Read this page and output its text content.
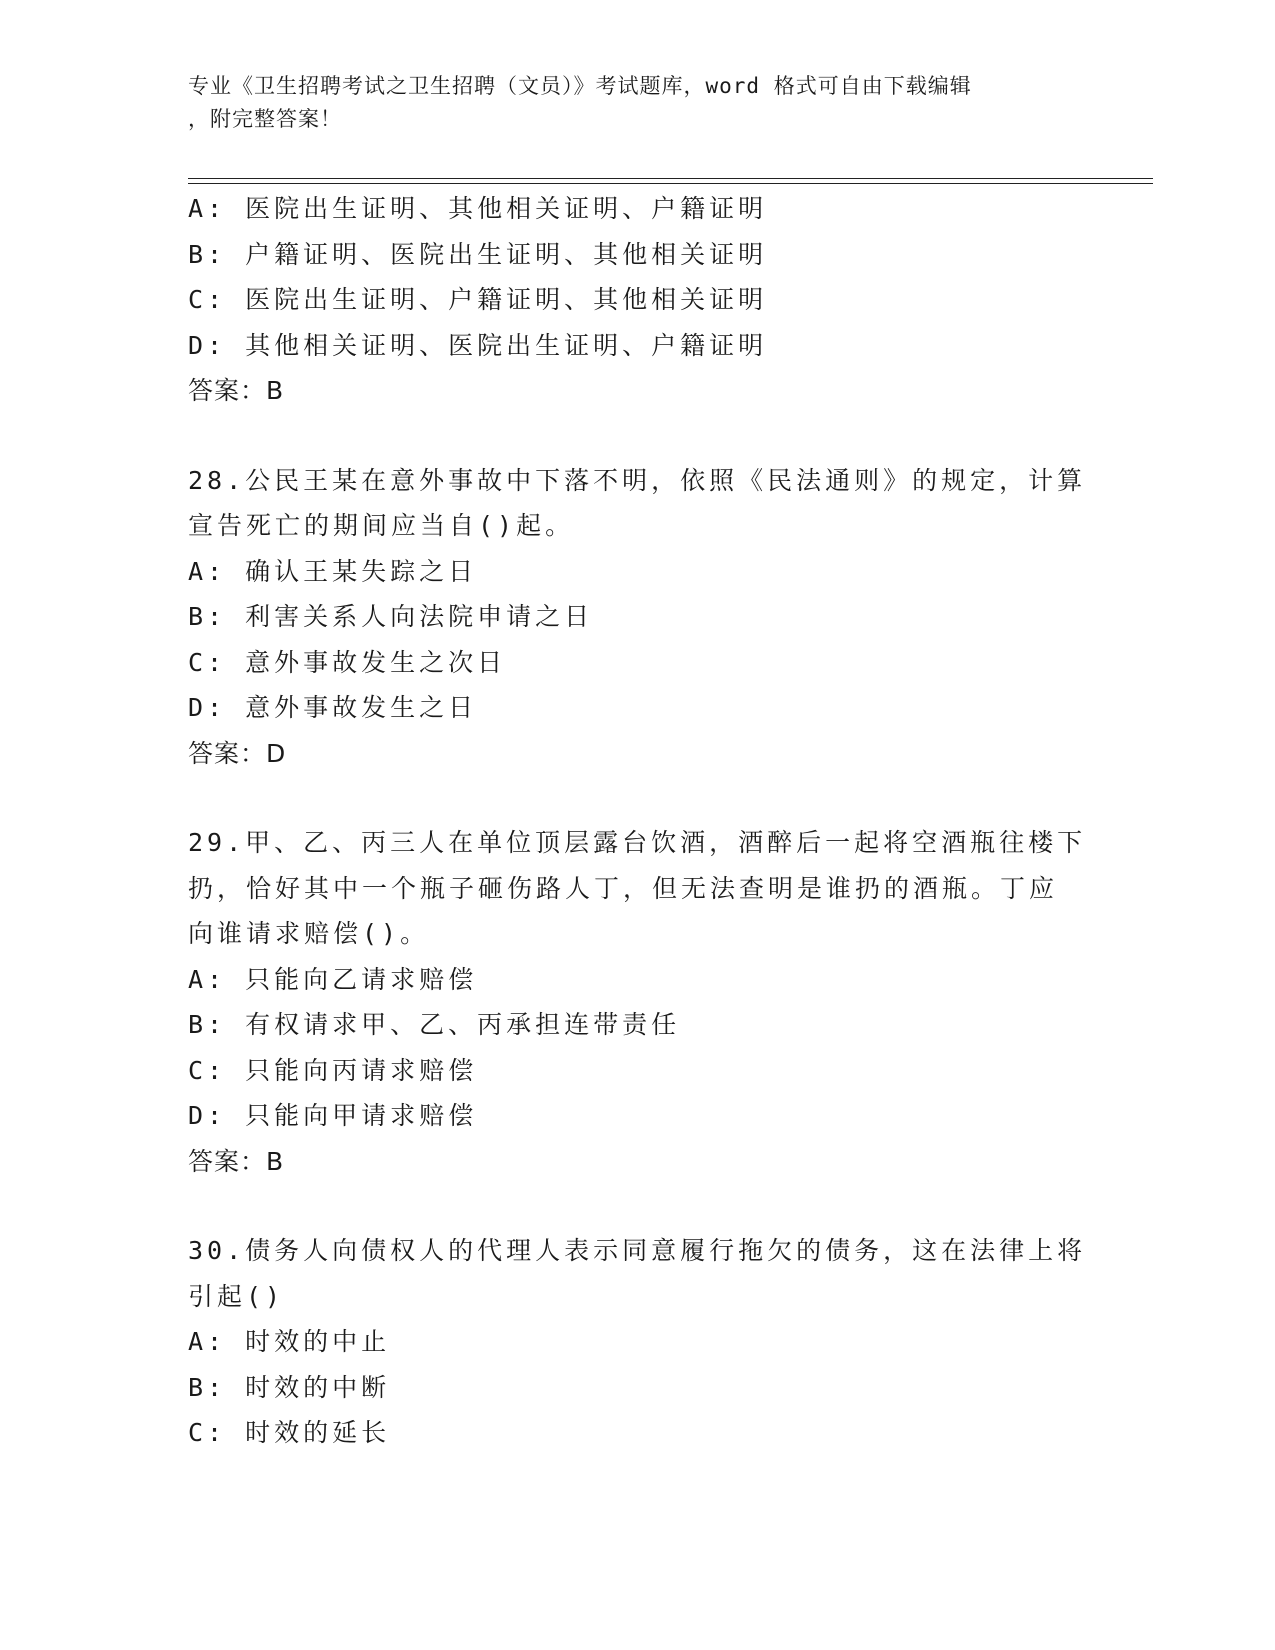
专业《卫生招聘考试之卫生招聘（文员）》考试题库，word 格式可自由下载编辑
，附完整答案！
A: 医院出生证明、其他相关证明、户籍证明
B: 户籍证明、医院出生证明、其他相关证明
C: 医院出生证明、户籍证明、其他相关证明
D: 其他相关证明、医院出生证明、户籍证明
答案：B
28.公民王某在意外事故中下落不明，依照《民法通则》的规定，计算
宣告死亡的期间应当自()起。
A: 确认王某失踪之日
B: 利害关系人向法院申请之日
C: 意外事故发生之次日
D: 意外事故发生之日
答案：D
29.甲、乙、丙三人在单位顶层露台饮酒，酒醉后一起将空酒瓶往楼下
扔，恰好其中一个瓶子砸伤路人丁，但无法查明是谁扔的酒瓶。丁应
向谁请求赔偿()。
A: 只能向乙请求赔偿
B: 有权请求甲、乙、丙承担连带责任
C: 只能向丙请求赔偿
D: 只能向甲请求赔偿
答案：B
30.债务人向债权人的代理人表示同意履行拖欠的债务，这在法律上将
引起()
A: 时效的中止
B: 时效的中断
C: 时效的延长
